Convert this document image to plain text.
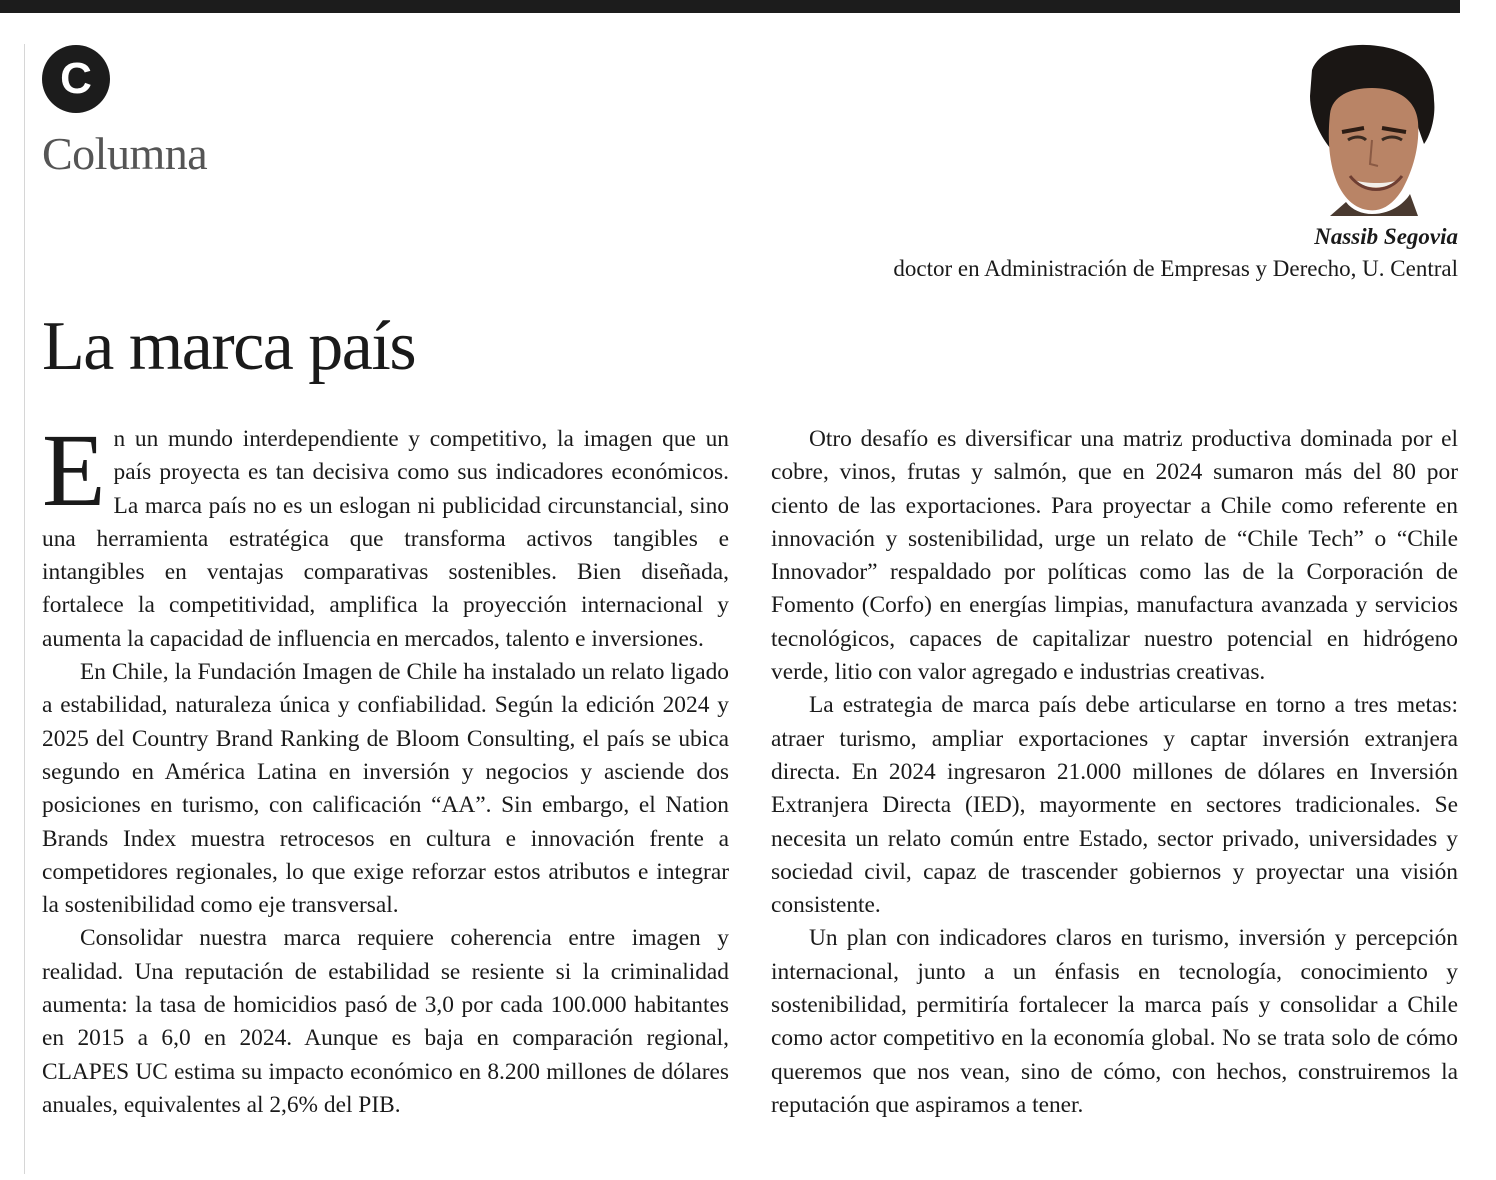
C
Columna
Nassib Segovia
doctor en Administración de Empresas y Derecho, U. Central
La marca país

En un mundo interdependiente y competitivo, la imagen que un país proyecta es tan decisiva como sus indicadores económicos. La marca país no es un eslogan ni publicidad circunstancial, sino una herramienta estratégica que transforma activos tangibles e intangibles en ventajas comparativas sostenibles. Bien diseñada, fortalece la competitividad, amplifica la proyección internacional y aumenta la capacidad de influencia en mercados, talento e inversiones.

En Chile, la Fundación Imagen de Chile ha instalado un relato ligado a estabilidad, naturaleza única y confiabilidad. Según la edición 2024 y 2025 del Country Brand Ranking de Bloom Consulting, el país se ubica segundo en América Latina en inversión y negocios y asciende dos posiciones en turismo, con calificación “AA”. Sin embargo, el Nation Brands Index muestra retrocesos en cultura e innovación frente a competidores regionales, lo que exige reforzar estos atributos e integrar la sostenibilidad como eje transversal.

Consolidar nuestra marca requiere coherencia entre imagen y realidad. Una reputación de estabilidad se resiente si la criminalidad aumenta: la tasa de homicidios pasó de 3,0 por cada 100.000 habitantes en 2015 a 6,0 en 2024. Aunque es baja en comparación regional, CLAPES UC estima su impacto económico en 8.200 millones de dólares anuales, equivalentes al 2,6% del PIB.

Otro desafío es diversificar una matriz productiva dominada por el cobre, vinos, frutas y salmón, que en 2024 sumaron más del 80 por ciento de las exportaciones. Para proyectar a Chile como referente en innovación y sostenibilidad, urge un relato de “Chile Tech” o “Chile Innovador” respaldado por políticas como las de la Corporación de Fomento (Corfo) en energías limpias, manufactura avanzada y servicios tecnológicos, capaces de capitalizar nuestro potencial en hidrógeno verde, litio con valor agregado e industrias creativas.

La estrategia de marca país debe articularse en torno a tres metas: atraer turismo, ampliar exportaciones y captar inversión extranjera directa. En 2024 ingresaron 21.000 millones de dólares en Inversión Extranjera Directa (IED), mayormente en sectores tradicionales. Se necesita un relato común entre Estado, sector privado, universidades y sociedad civil, capaz de trascender gobiernos y proyectar una visión consistente.

Un plan con indicadores claros en turismo, inversión y percepción internacional, junto a un énfasis en tecnología, conocimiento y sostenibilidad, permitiría fortalecer la marca país y consolidar a Chile como actor competitivo en la economía global. No se trata solo de cómo queremos que nos vean, sino de cómo, con hechos, construiremos la reputación que aspiramos a tener.
